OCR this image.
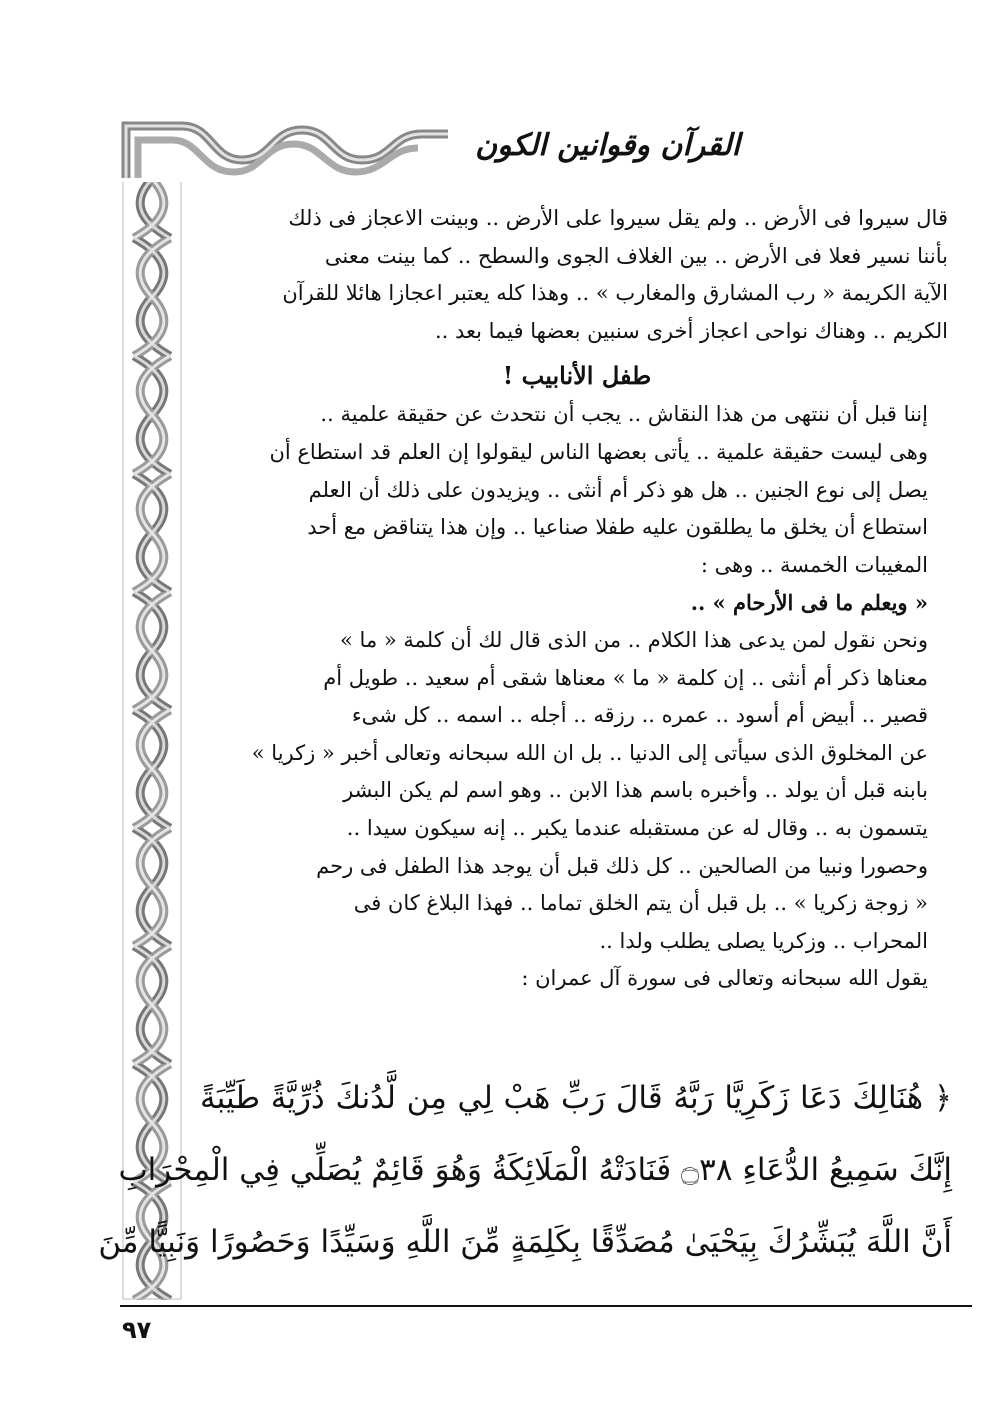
القرآن وقوانين الكون
قال سيروا فى الأرض .. ولم يقل سيروا على الأرض .. وبينت الاعجاز فى ذلك
بأننا نسير فعلا فى الأرض .. بين الغلاف الجوى والسطح .. كما بينت معنى
الآية الكريمة « رب المشارق والمغارب » .. وهذا كله يعتبر اعجازا هائلا للقرآن
الكريم .. وهناك نواحى اعجاز أخرى سنبين بعضها فيما بعد ..
طفل الأنابيب !
إننا قبل أن ننتهى من هذا النقاش .. يجب أن نتحدث عن حقيقة علمية ..
وهى ليست حقيقة علمية .. يأتى بعضها الناس ليقولوا إن العلم قد استطاع أن
يصل إلى نوع الجنين .. هل هو ذكر أم أنثى .. ويزيدون على ذلك أن العلم
استطاع أن يخلق ما يطلقون عليه طفلا صناعيا .. وإن هذا يتناقض مع أحد
المغيبات الخمسة .. وهى :
« ويعلم ما فى الأرحام » ..
ونحن نقول لمن يدعى هذا الكلام .. من الذى قال لك أن كلمة « ما »
معناها ذكر أم أنثى .. إن كلمة « ما » معناها شقى أم سعيد .. طويل أم
قصير .. أبيض أم أسود .. عمره .. رزقه .. أجله .. اسمه .. كل شىء
عن المخلوق الذى سيأتى إلى الدنيا .. بل ان الله سبحانه وتعالى أخبر « زكريا »
بابنه قبل أن يولد .. وأخبره باسم هذا الابن .. وهو اسم لم يكن البشر
يتسمون به .. وقال له عن مستقبله عندما يكبر .. إنه سيكون سيدا ..
وحصورا ونبيا من الصالحين .. كل ذلك قبل أن يوجد هذا الطفل فى رحم
« زوجة زكريا » .. بل قبل أن يتم الخلق تماما .. فهذا البلاغ كان فى
المحراب .. وزكريا يصلى يطلب ولدا ..
يقول الله سبحانه وتعالى فى سورة آل عمران :
﴿ هُنَالِكَ دَعَا زَكَرِيَّا رَبَّهُ قَالَ رَبِّ هَبْ لِي مِن لَّدُنكَ ذُرِّيَّةً طَيِّبَةً
إِنَّكَ سَمِيعُ الدُّعَاءِ ۝٣٨ فَنَادَتْهُ الْمَلَائِكَةُ وَهُوَ قَائِمٌ يُصَلِّي فِي الْمِحْرَابِ
أَنَّ اللَّهَ يُبَشِّرُكَ بِيَحْيَىٰ مُصَدِّقًا بِكَلِمَةٍ مِّنَ اللَّهِ وَسَيِّدًا وَحَصُورًا وَنَبِيًّا مِّنَ
٩٧
